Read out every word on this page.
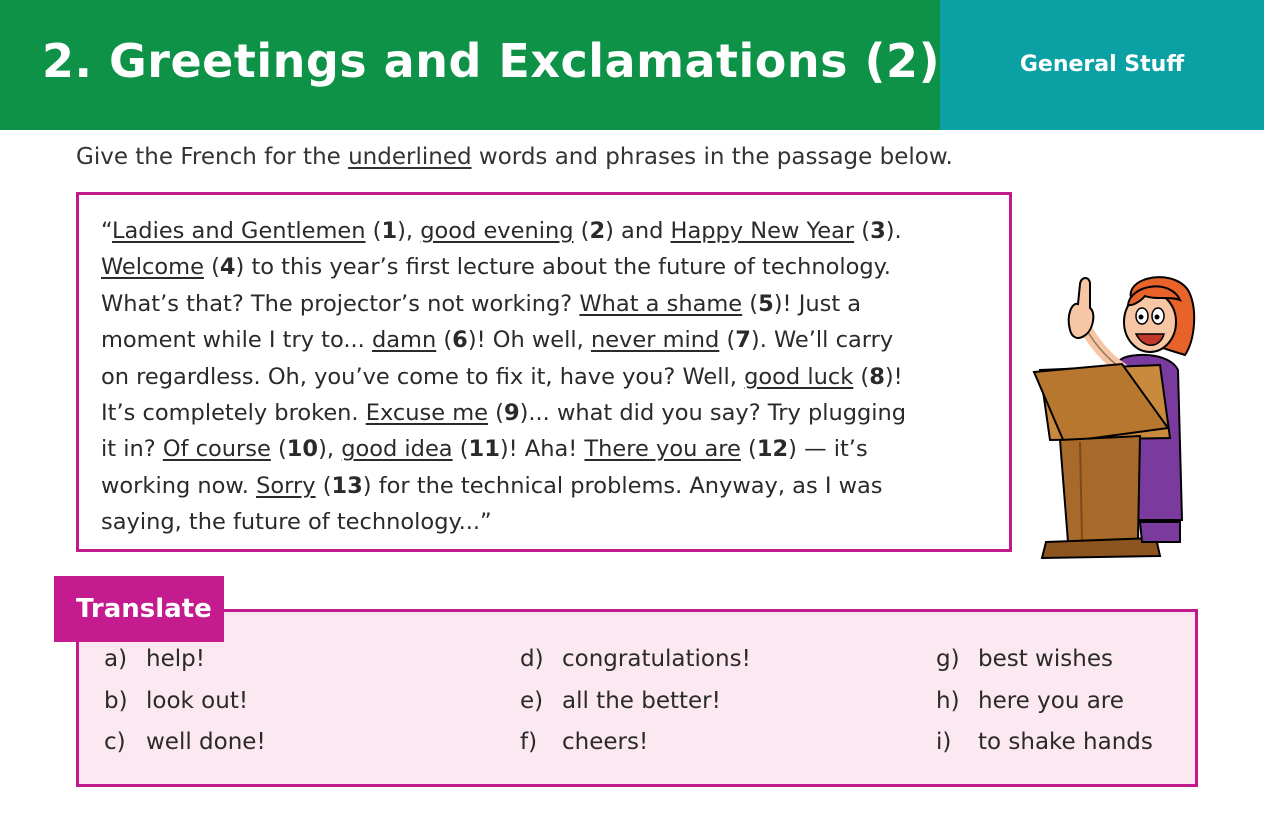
2. Greetings and Exclamations (2)	General Stuff
Give the French for the underlined words and phrases in the passage below.
“Ladies and Gentlemen (1), good evening (2) and Happy New Year (3).
Welcome (4) to this year’s first lecture about the future of technology.
What’s that? The projector’s not working? What a shame (5)! Just a
moment while I try to... damn (6)! Oh well, never mind (7). We’ll carry
on regardless. Oh, you’ve come to fix it, have you? Well, good luck (8)!
It’s completely broken. Excuse me (9)... what did you say? Try plugging
it in? Of course (10), good idea (11)! Aha! There you are (12) — it’s
working now. Sorry (13) for the technical problems. Anyway, as I was
saying, the future of technology...”
Translate
a) help!
b) look out!
c) well done!
d) congratulations!
e) all the better!
f)	cheers!
g) best wishes
h) here you are
i)	to shake hands
